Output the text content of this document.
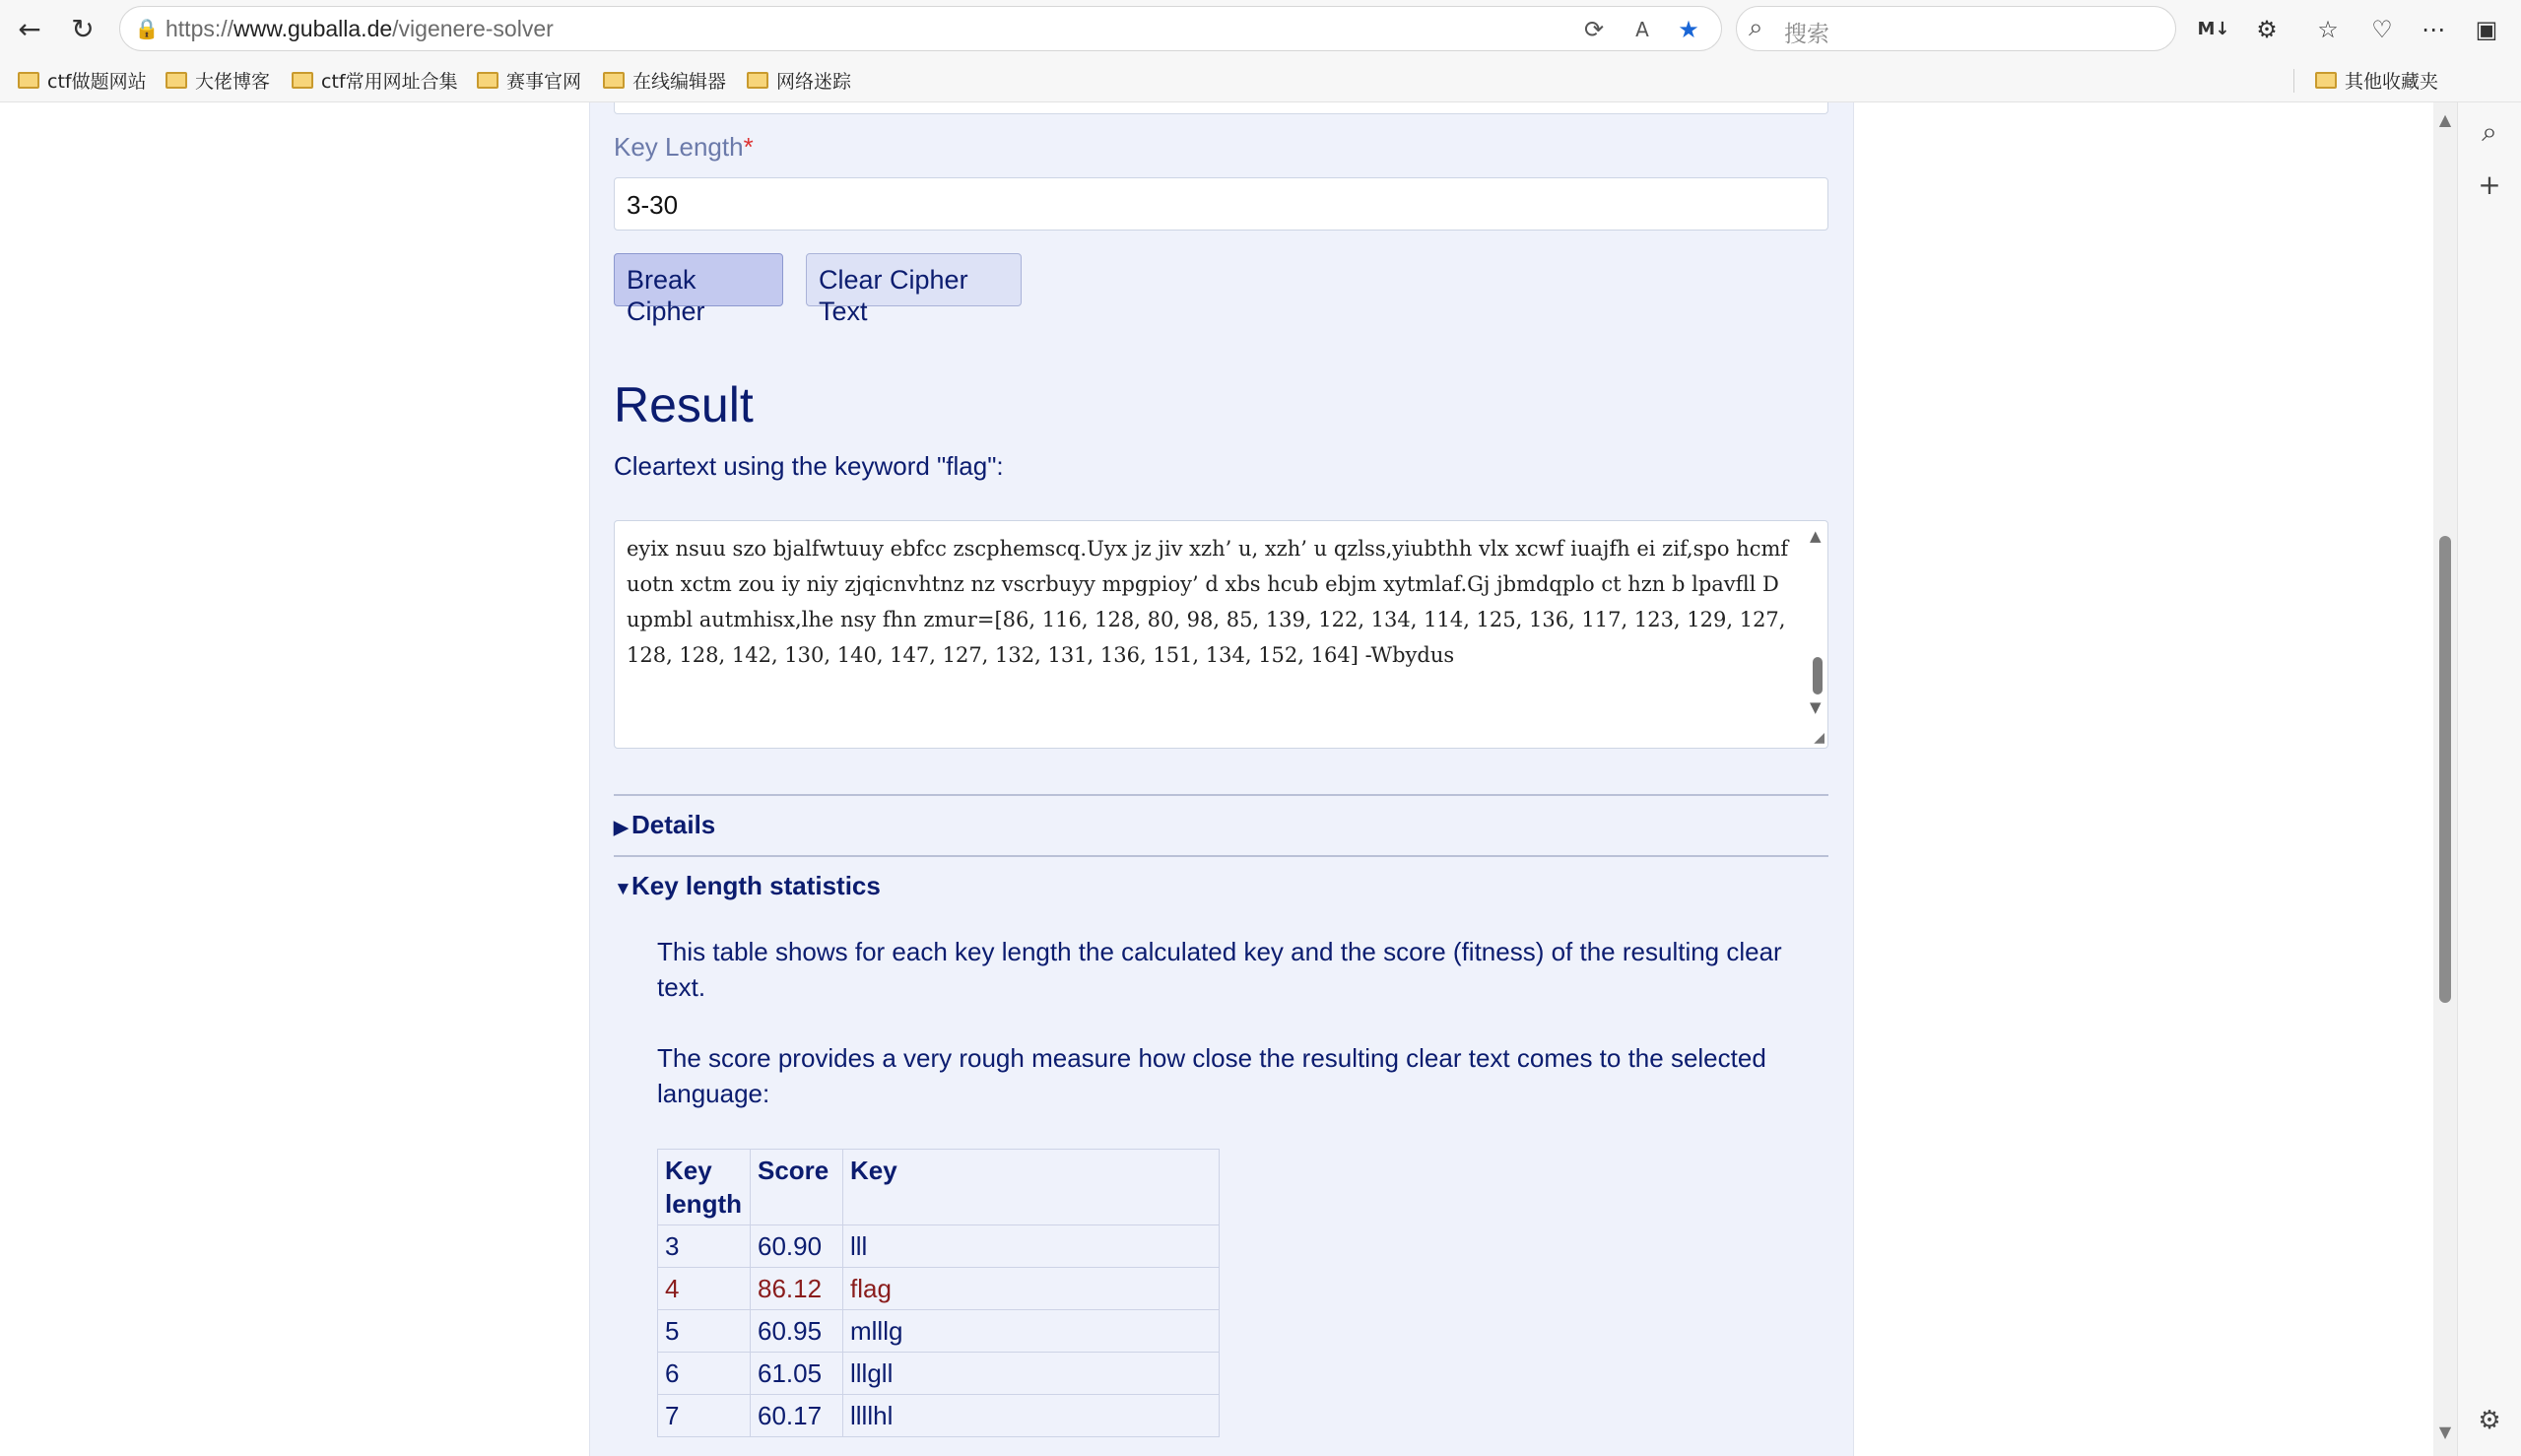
← ↻	🔒 https://www.guballa.de/vigenere-solver	⟳	A	★ ⌕ 搜索	M↓	⚙	☆	♡	⋯ ▣
ctf做题网站	大佬博客	ctf常用网址合集	赛事官网	在线编辑器	网络迷踪	其他收藏夹
Key Length*
3-30
Break Cipher
Clear Cipher Text
Result
Cleartext using the keyword "flag":
eyix nsuu szo bjalfwtuuy ebfcc zscphemscq.Uyx jz jiv xzh’ u, xzh’ u qzlss,yiubthh vlx xcwf iuajfh ei zif,spo hcmf uotn xctm zou iy niy zjqicnvhtnz nz vscrbuyy mpgpioy’ d xbs hcub ebjm xytmlaf.Gj jbmdqplo ct hzn b lpavfll Dupmbl autmhisx,lhe nsy fhn zmur=[86, 116, 128, 80, 98, 85, 139, 122, 134, 114, 125, 136, 117, 123, 129, 127, 128, 128, 142, 130, 140, 147, 127, 132, 131, 136, 151, 134, 152, 164] -Wbydus
▲
▼
◢
▶ Details
▼Key length statistics
This table shows for each key length the calculated key and the score (fitness) of the resulting clear text.
The score provides a very rough measure how close the resulting clear text comes to the selected language:
Key
length	Score	Key
3	60.90	lll
4	86.12	flag
5	60.95	mlllg
6	61.05	lllgll
7	60.17	llllhl
▲
▼
⌕
+
⚙
